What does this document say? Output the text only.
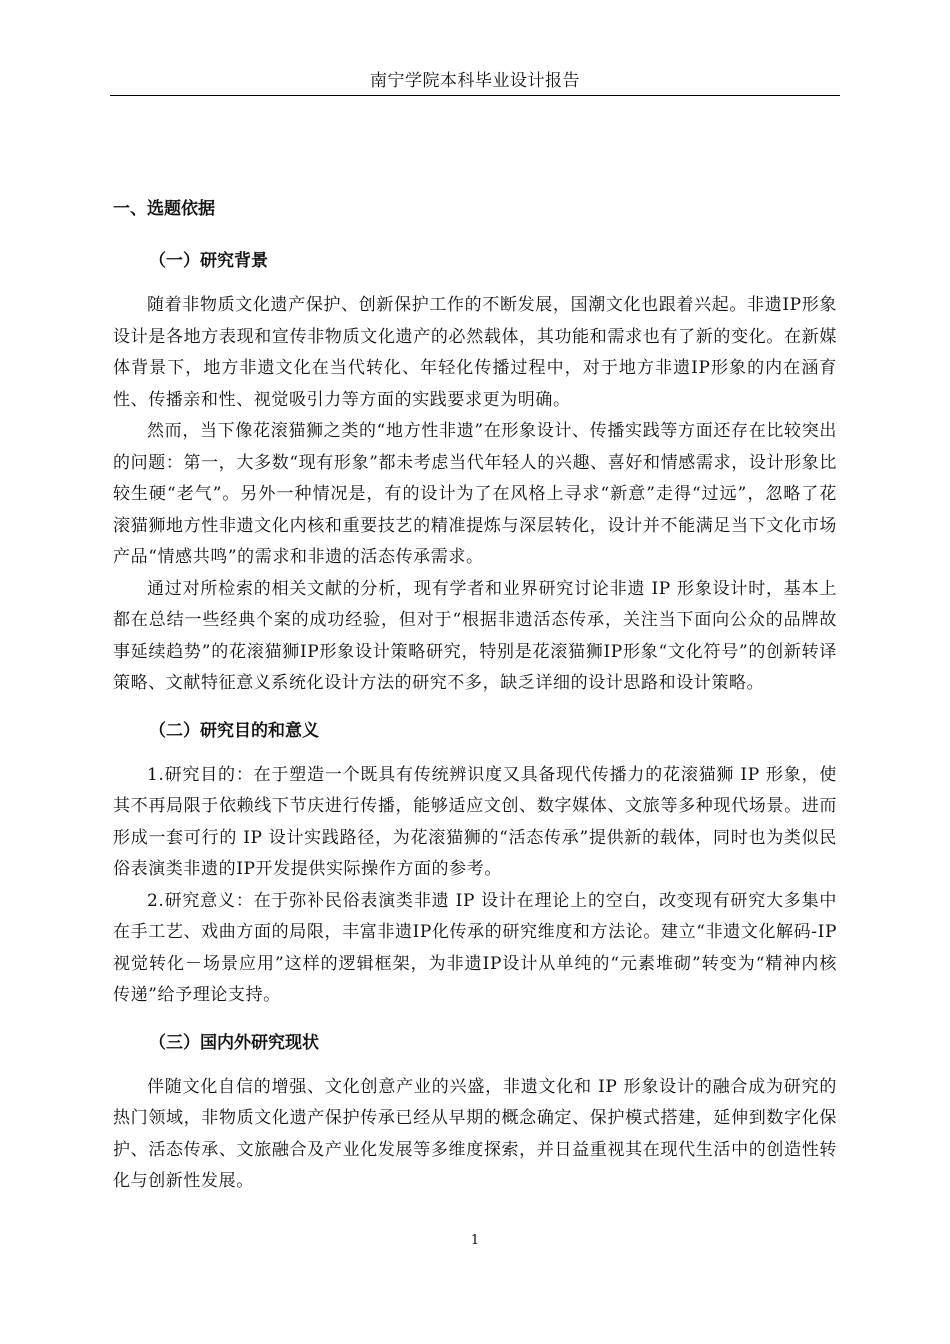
南宁学院本科毕业设计报告
一、选题依据
（一）研究背景

随着非物质文化遗产保护、创新保护工作的不断发展，国潮文化也跟着兴起。非遗IP形象设计是各地方表现和宣传非物质文化遗产的必然载体，其功能和需求也有了新的变化。在新媒体背景下，地方非遗文化在当代转化、年轻化传播过程中，对于地方非遗IP形象的内在涵育性、传播亲和性、视觉吸引力等方面的实践要求更为明确。

然而，当下像花滚猫狮之类的“地方性非遗”在形象设计、传播实践等方面还存在比较突出的问题：第一，大多数“现有形象”都未考虑当代年轻人的兴趣、喜好和情感需求，设计形象比较生硬“老气”。另外一种情况是，有的设计为了在风格上寻求“新意”走得“过远”，忽略了花滚猫狮地方性非遗文化内核和重要技艺的精准提炼与深层转化，设计并不能满足当下文化市场产品“情感共鸣”的需求和非遗的活态传承需求。

通过对所检索的相关文献的分析，现有学者和业界研究讨论非遗 IP 形象设计时，基本上都在总结一些经典个案的成功经验，但对于“根据非遗活态传承，关注当下面向公众的品牌故事延续趋势”的花滚猫狮IP形象设计策略研究，特别是花滚猫狮IP形象“文化符号”的创新转译策略、文献特征意义系统化设计方法的研究不多，缺乏详细的设计思路和设计策略。

（二）研究目的和意义

1.研究目的：在于塑造一个既具有传统辨识度又具备现代传播力的花滚猫狮 IP 形象，使其不再局限于依赖线下节庆进行传播，能够适应文创、数字媒体、文旅等多种现代场景。进而形成一套可行的 IP 设计实践路径，为花滚猫狮的“活态传承”提供新的载体，同时也为类似民俗表演类非遗的IP开发提供实际操作方面的参考。

2.研究意义：在于弥补民俗表演类非遗 IP 设计在理论上的空白，改变现有研究大多集中在手工艺、戏曲方面的局限，丰富非遗IP化传承的研究维度和方法论。建立“非遗文化解码-IP视觉转化－场景应用”这样的逻辑框架，为非遗IP设计从单纯的“元素堆砌”转变为“精神内核传递”给予理论支持。

（三）国内外研究现状

伴随文化自信的增强、文化创意产业的兴盛，非遗文化和 IP 形象设计的融合成为研究的热门领域，非物质文化遗产保护传承已经从早期的概念确定、保护模式搭建，延伸到数字化保护、活态传承、文旅融合及产业化发展等多维度探索，并日益重视其在现代生活中的创造性转化与创新性发展。

1
